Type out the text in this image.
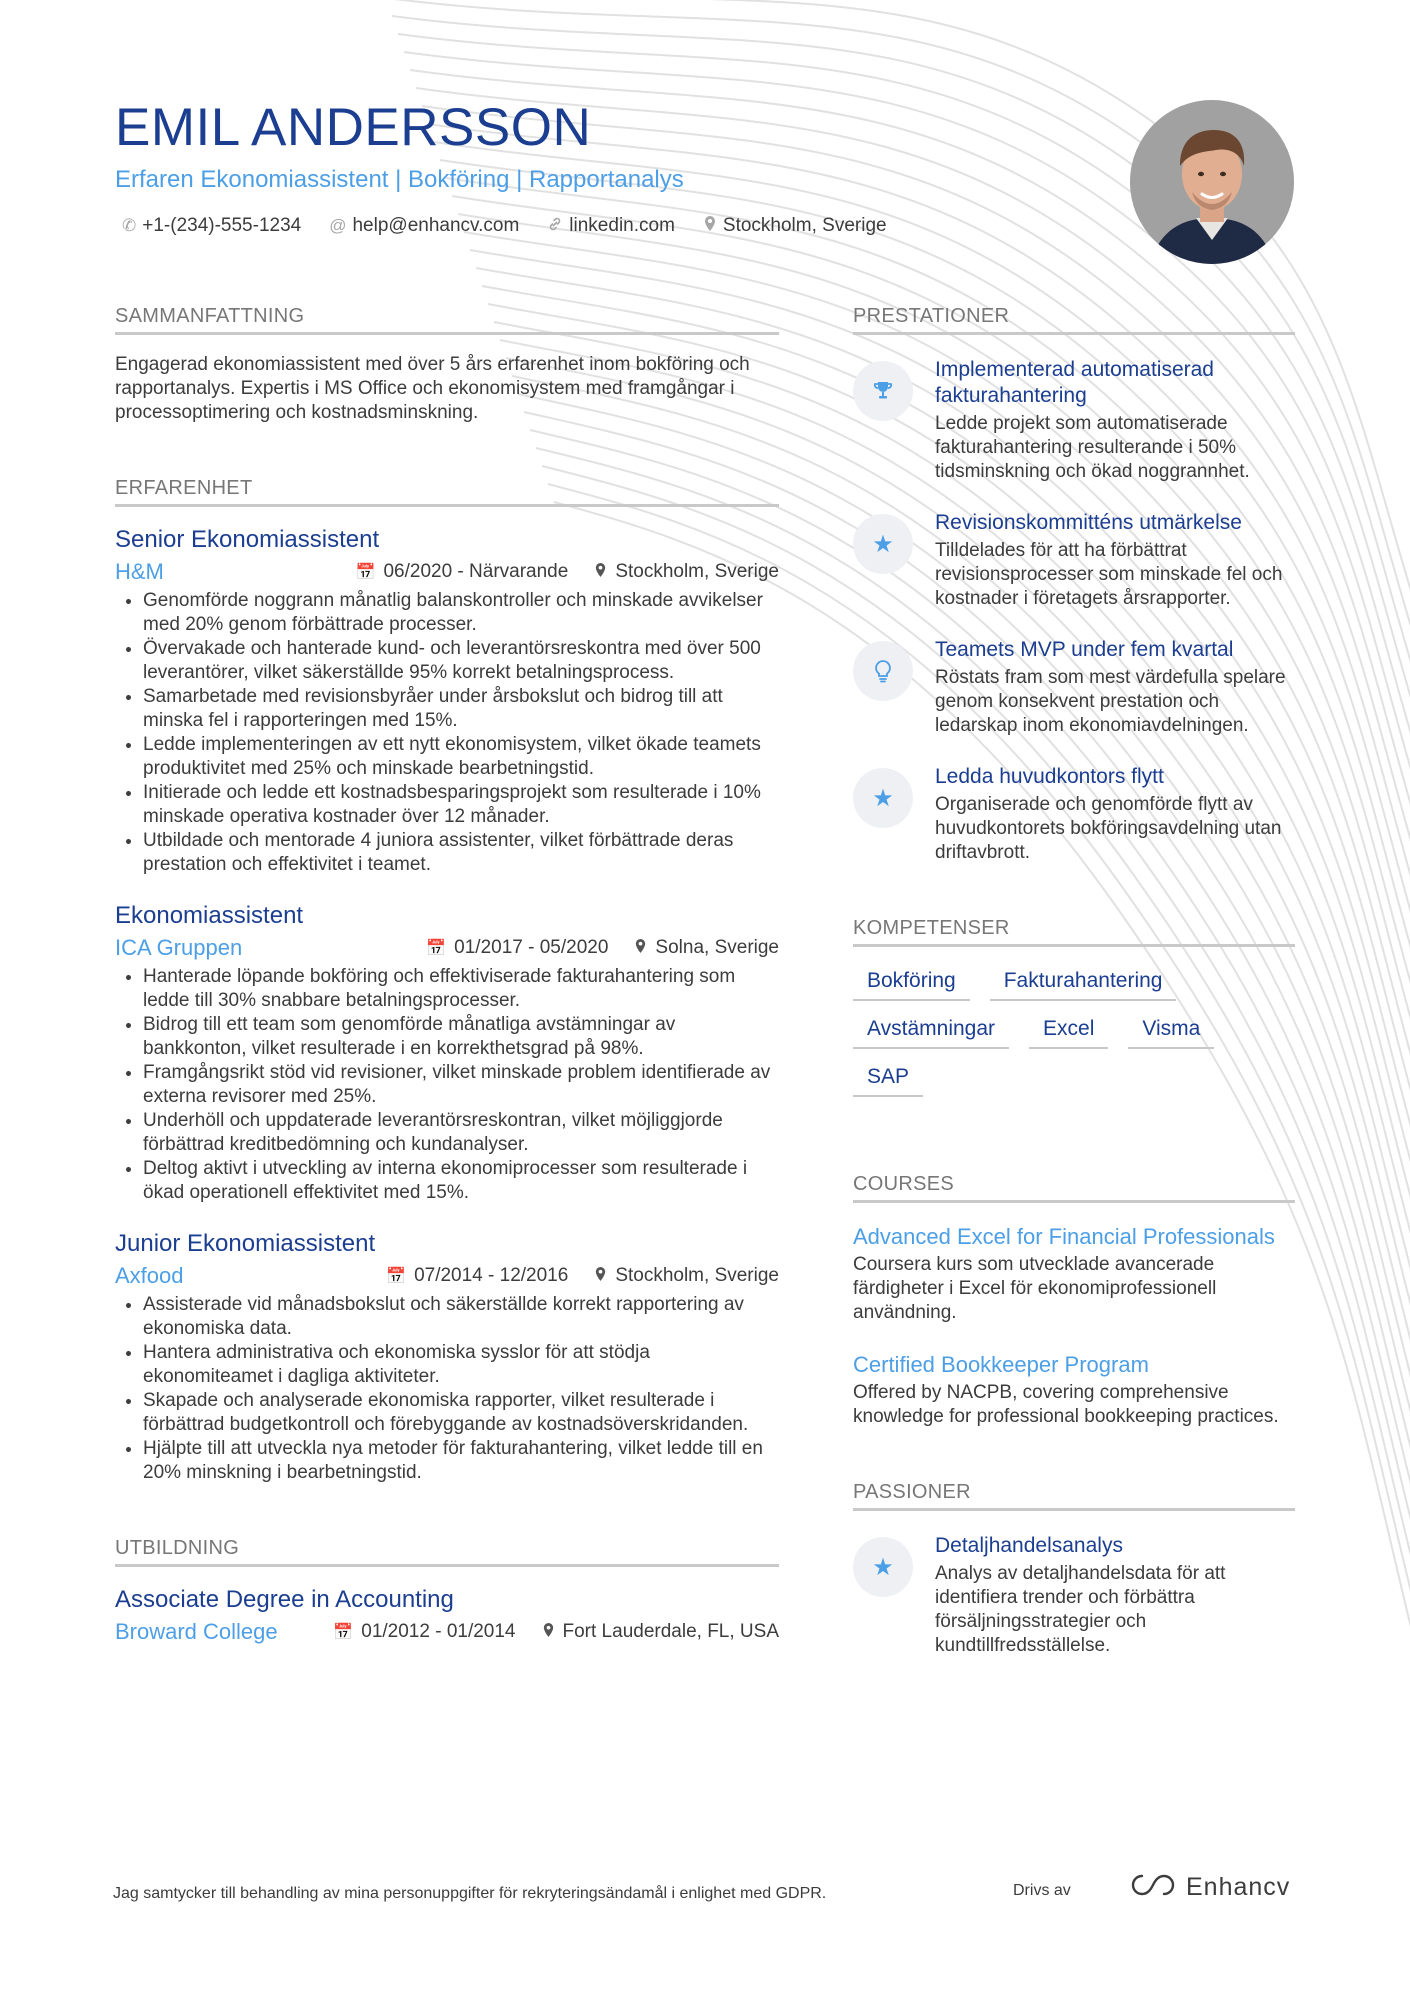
EMIL ANDERSSON
Erfaren Ekonomiassistent | Bokföring | Rapportanalys
✆ +1-(234)-555-1234 @ help@enhancv.com	linkedin.com	Stockholm, Sverige
SAMMANFATTNING

Engagerad ekonomiassistent med över 5 års erfarenhet inom bokföring och rapportanalys. Expertis i MS Office och ekonomisystem med framgångar i processoptimering och kostnadsminskning.

ERFARENHET
Senior Ekonomiassistent
H&M	📅 06/2020 - Närvarande Stockholm, Sverige
• Genomförde noggrann månatlig balanskontroller och minskade avvikelser med 20% genom förbättrade processer.
• Övervakade och hanterade kund- och leverantörsreskontra med över 500 leverantörer, vilket säkerställde 95% korrekt betalningsprocess.
• Samarbetade med revisionsbyråer under årsbokslut och bidrog till att minska fel i rapporteringen med 15%.
• Ledde implementeringen av ett nytt ekonomisystem, vilket ökade teamets produktivitet med 25% och minskade bearbetningstid.
• Initierade och ledde ett kostnadsbesparingsprojekt som resulterade i 10% minskade operativa kostnader över 12 månader.
• Utbildade och mentorade 4 juniora assistenter, vilket förbättrade deras prestation och effektivitet i teamet.
Ekonomiassistent
ICA Gruppen	📅 01/2017 - 05/2020 Solna, Sverige
• Hanterade löpande bokföring och effektiviserade fakturahantering som ledde till 30% snabbare betalningsprocesser.
• Bidrog till ett team som genomförde månatliga avstämningar av bankkonton, vilket resulterade i en korrekthetsgrad på 98%.
• Framgångsrikt stöd vid revisioner, vilket minskade problem identifierade av externa revisorer med 25%.
• Underhöll och uppdaterade leverantörsreskontran, vilket möjliggjorde förbättrad kreditbedömning och kundanalyser.
• Deltog aktivt i utveckling av interna ekonomiprocesser som resulterade i ökad operationell effektivitet med 15%.
Junior Ekonomiassistent
Axfood	📅 07/2014 - 12/2016 Stockholm, Sverige
• Assisterade vid månadsbokslut och säkerställde korrekt rapportering av ekonomiska data.
• Hantera administrativa och ekonomiska sysslor för att stödja ekonomiteamet i dagliga aktiviteter.
• Skapade och analyserade ekonomiska rapporter, vilket resulterade i förbättrad budgetkontroll och förebyggande av kostnadsöverskridanden.
• Hjälpte till att utveckla nya metoder för fakturahantering, vilket ledde till en 20% minskning i bearbetningstid.
UTBILDNING
Associate Degree in Accounting
Broward College	📅 01/2012 - 01/2014 Fort Lauderdale, FL, USA
PRESTATIONER
Implementerad automatiserad fakturahantering
Ledde projekt som automatiserade fakturahantering resulterande i 50% tidsminskning och ökad noggrannhet.
★
Revisionskommitténs utmärkelse
Tilldelades för att ha förbättrat revisionsprocesser som minskade fel och kostnader i företagets årsrapporter.
Teamets MVP under fem kvartal
Röstats fram som mest värdefulla spelare genom konsekvent prestation och ledarskap inom ekonomiavdelningen.
★
Ledda huvudkontors flytt
Organiserade och genomförde flytt av huvudkontorets bokföringsavdelning utan driftavbrott.
KOMPETENSER
Bokföring	Fakturahantering
Avstämningar	Excel	Visma
SAP
COURSES
Advanced Excel for Financial Professionals
Coursera kurs som utvecklade avancerade färdigheter i Excel för ekonomiprofessionell användning.
Certified Bookkeeper Program
Offered by NACPB, covering comprehensive knowledge for professional bookkeeping practices.
PASSIONER
★
Detaljhandelsanalys
Analys av detaljhandelsdata för att identifiera trender och förbättra försäljningsstrategier och kundtillfredsställelse.
Jag samtycker till behandling av mina personuppgifter för rekryteringsändamål i enlighet med GDPR.	Drivs av	Enhancv
